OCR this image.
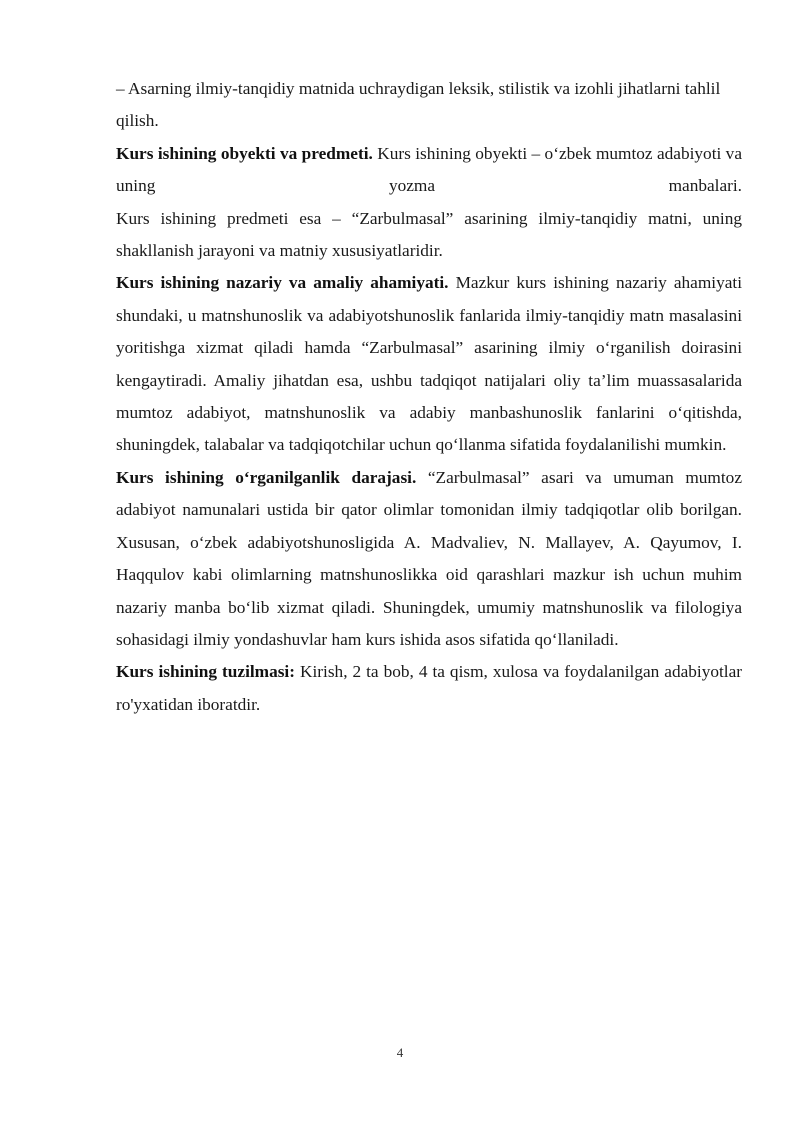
– Asarning ilmiy-tanqidiy matnida uchraydigan leksik, stilistik va izohli jihatlarni tahlil qilish.

Kurs ishining obyekti va predmeti. Kurs ishining obyekti – o‘zbek mumtoz adabiyoti va uning yozma manbalari.

Kurs ishining predmeti esa – “Zarbulmasal” asarining ilmiy-tanqidiy matni, uning shakllanish jarayoni va matniy xususiyatlaridir.

Kurs ishining nazariy va amaliy ahamiyati. Mazkur kurs ishining nazariy ahamiyati shundaki, u matnshunoslik va adabiyotshunoslik fanlarida ilmiy-tanqidiy matn masalasini yoritishga xizmat qiladi hamda “Zarbulmasal” asarining ilmiy o‘rganilish doirasini kengaytiradi. Amaliy jihatdan esa, ushbu tadqiqot natijalari oliy ta’lim muassasalarida mumtoz adabiyot, matnshunoslik va adabiy manbashunoslik fanlarini o‘qitishda, shuningdek, talabalar va tadqiqotchilar uchun qo‘llanma sifatida foydalanilishi mumkin.

Kurs ishining o‘rganilganlik darajasi. “Zarbulmasal” asari va umuman mumtoz adabiyot namunalari ustida bir qator olimlar tomonidan ilmiy tadqiqotlar olib borilgan. Xususan, o‘zbek adabiyotshunosligida A. Madvaliev, N. Mallayev, A. Qayumov, I. Haqqulov kabi olimlarning matnshunoslikka oid qarashlari mazkur ish uchun muhim nazariy manba bo‘lib xizmat qiladi. Shuningdek, umumiy matnshunoslik va filologiya sohasidagi ilmiy yondashuvlar ham kurs ishida asos sifatida qo‘llaniladi.

Kurs ishining tuzilmasi: Kirish, 2 ta bob, 4 ta qism, xulosa va foydalanilgan adabiyotlar ro'yxatidan iboratdir.

4
